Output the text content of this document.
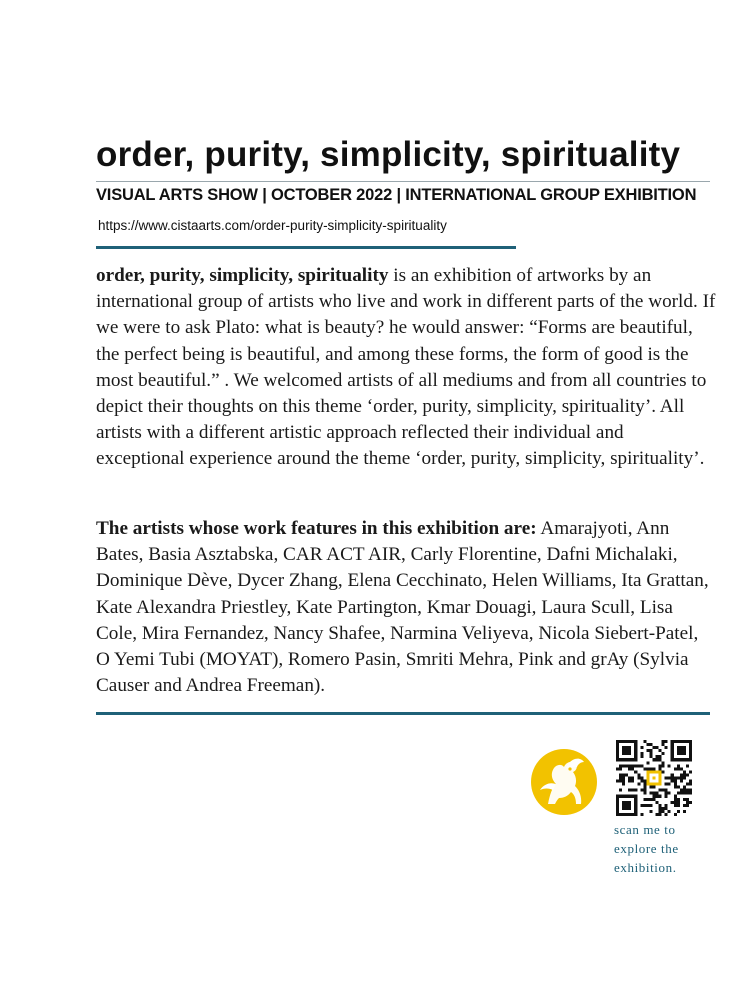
order, purity, simplicity, spirituality
VISUAL ARTS SHOW | OCTOBER 2022 | INTERNATIONAL GROUP EXHIBITION
https://www.cistaarts.com/order-purity-simplicity-spirituality
order, purity, simplicity, spirituality is an exhibition of artworks by an international group of artists who live and work in different parts of the world. If we were to ask Plato: what is beauty? he would answer: “Forms are beautiful, the perfect being is beautiful, and among these forms, the form of good is the most beautiful.” . We welcomed artists of all mediums and from all countries to depict their thoughts on this theme ‘order, purity, simplicity, spirituality’. All artists with a different artistic approach reflected their individual and exceptional experience around the theme ‘order, purity, simplicity, spirituality’.
The artists whose work features in this exhibition are: Amarajyoti, Ann Bates, Basia Asztabska, CAR ACT AIR, Carly Florentine, Dafni Michalaki, Dominique Dève, Dycer Zhang, Elena Cecchinato, Helen Williams, Ita Grattan, Kate Alexandra Priestley, Kate Partington, Kmar Douagi, Laura Scull, Lisa Cole, Mira Fernandez, Nancy Shafee, Narmina Veliyeva, Nicola Siebert-Patel, O Yemi Tubi (MOYAT), Romero Pasin, Smriti Mehra, Pink and grAy (Sylvia Causer and Andrea Freeman).
CISTA ARTS
scan me to explore the exhibition.
